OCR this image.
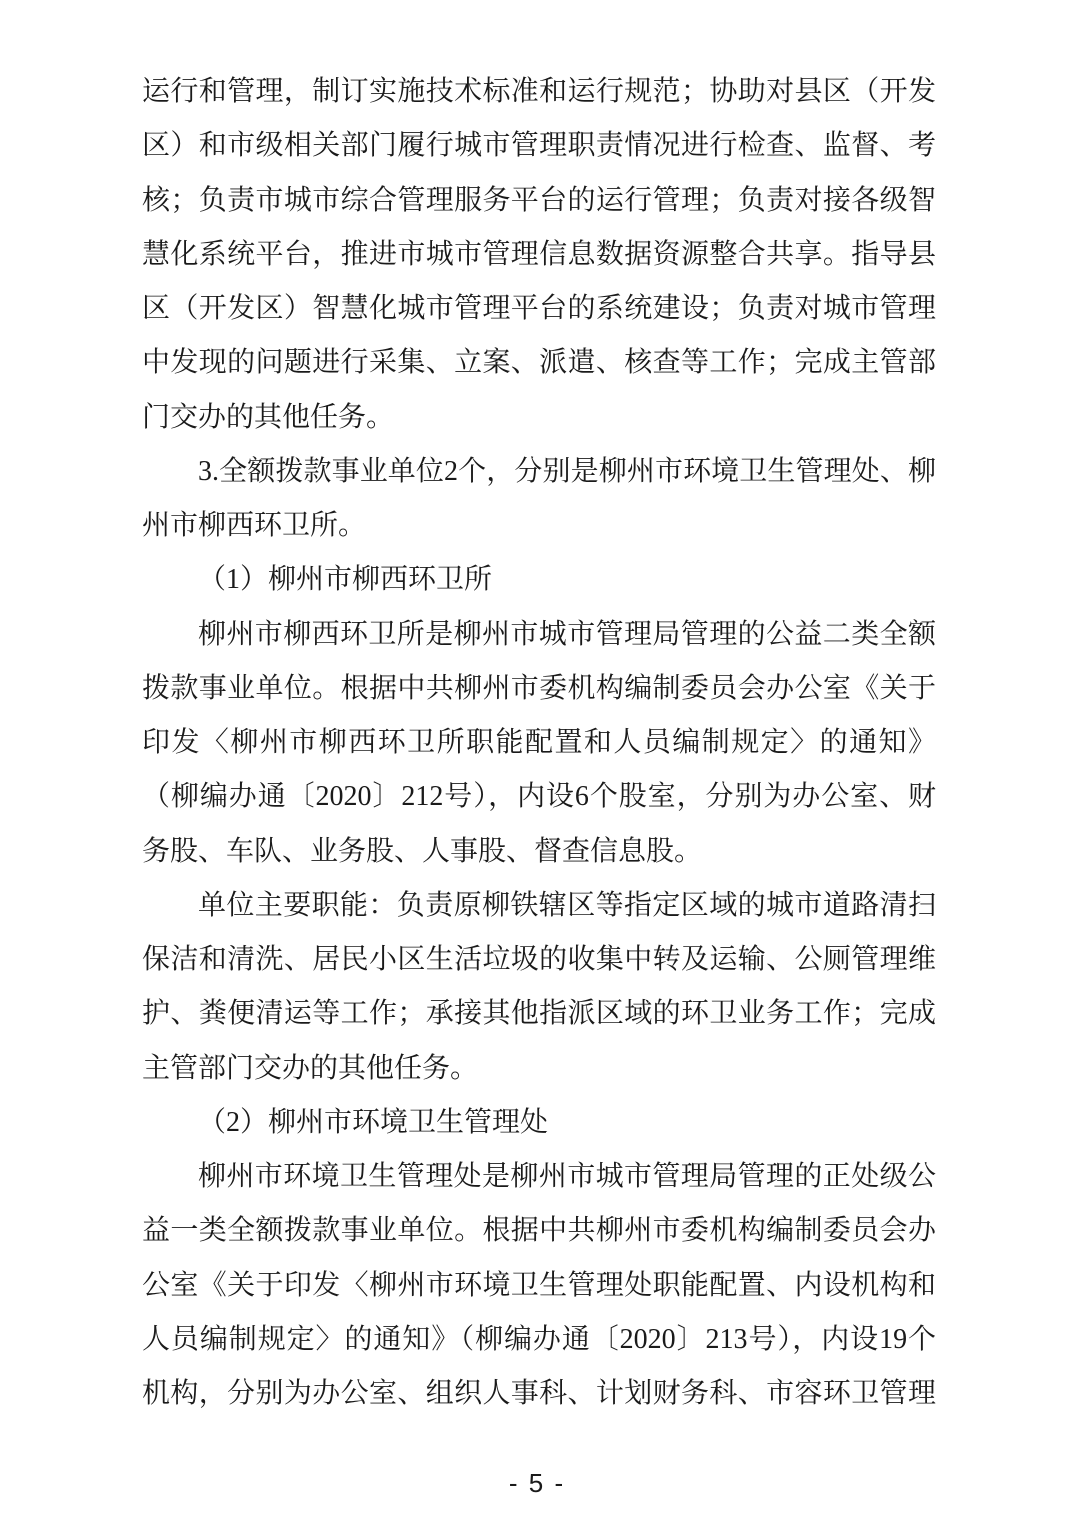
运行和管理，制订实施技术标准和运行规范；协助对县区（开发
区）和市级相关部门履行城市管理职责情况进行检查、监督、考
核；负责市城市综合管理服务平台的运行管理；负责对接各级智
慧化系统平台，推进市城市管理信息数据资源整合共享。指导县
区（开发区）智慧化城市管理平台的系统建设；负责对城市管理
中发现的问题进行采集、立案、派遣、核查等工作；完成主管部
门交办的其他任务。
3.全额拨款事业单位2个，分别是柳州市环境卫生管理处、柳
州市柳西环卫所。
（1）柳州市柳西环卫所
柳州市柳西环卫所是柳州市城市管理局管理的公益二类全额
拨款事业单位。根据中共柳州市委机构编制委员会办公室《关于
印发〈柳州市柳西环卫所职能配置和人员编制规定〉的通知》
（柳编办通〔2020〕212号），内设6个股室，分别为办公室、财
务股、车队、业务股、人事股、督查信息股。
单位主要职能：负责原柳铁辖区等指定区域的城市道路清扫
保洁和清洗、居民小区生活垃圾的收集中转及运输、公厕管理维
护、粪便清运等工作；承接其他指派区域的环卫业务工作；完成
主管部门交办的其他任务。
（2）柳州市环境卫生管理处
柳州市环境卫生管理处是柳州市城市管理局管理的正处级公
益一类全额拨款事业单位。根据中共柳州市委机构编制委员会办
公室《关于印发〈柳州市环境卫生管理处职能配置、内设机构和
人员编制规定〉的通知》（柳编办通〔2020〕213号），内设19个
机构，分别为办公室、组织人事科、计划财务科、市容环卫管理
- 5 -
